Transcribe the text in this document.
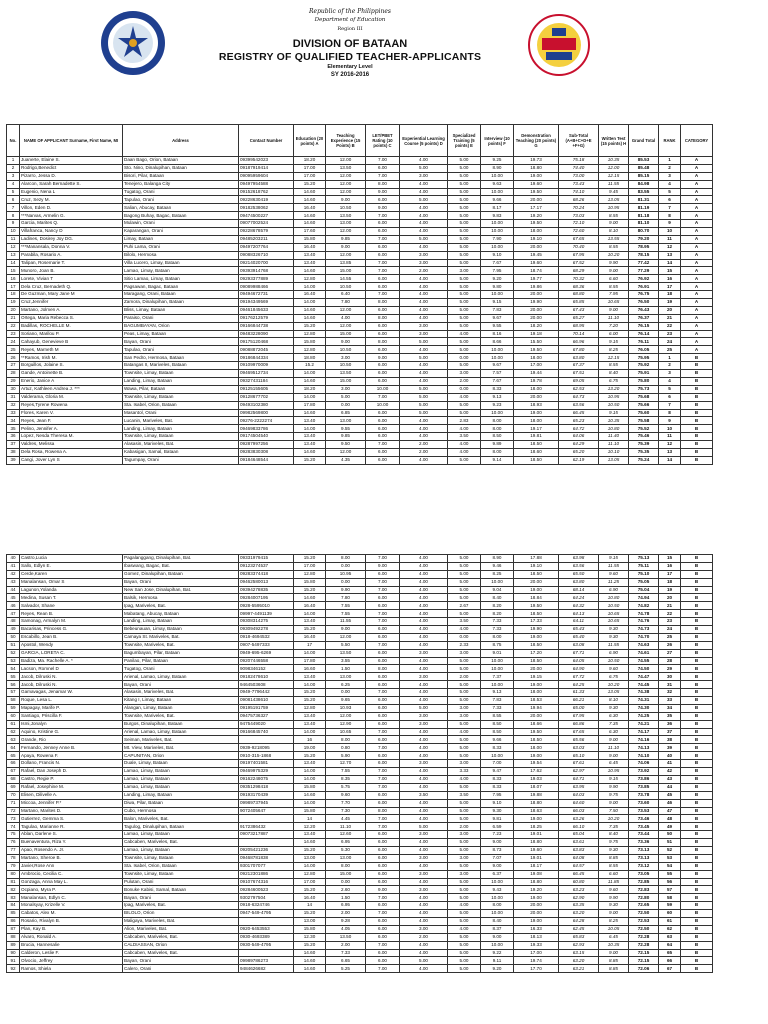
Republic of the Philippines
Department of Education
Region III
DIVISION OF BATAAN
REGISTRY OF QUALIFIED TEACHER-APPLICANTS
Elementary Level
SY 2016-2016
No.	NAME OF APPLICANT Surname, First Name, MI	Address	Contact Number	Education (20 points) A	Teaching Experience (15 Points) B	LET/PBET Rating (10 points) C	Experiential Learning Course (5 points) D	Specialized Training (5 points) E	Interview (10 points) F	Demonstration Teaching (20 points) G	Sub-Total (A+B+C+D+E +F+G)	Written Test (15 points) H	Grand Total	RANK	CATEGORY
1	Juanerte, Elaine S.	Daan Bago, Orion, Bataan	09399542023	18.20	12.00	7.00	4.00	5.00	9.25	19.73	75.18	10.35	85.53	1	A
2	Rodrigo,Benedict	Sto. Nino, Dinalupihan, Bataan	09187919414	17.00	13.50	6.00	5.00	5.00	8.90	18.80	74.40	12.00	85.48	2	A
3	Pizarro, Jessa D.	Bisori, Pilar, Bataan	09095959604	17.00	12.00	7.00	3.00	5.00	10.00	19.00	73.00	12.15	85.15	3	A
4	Alarcon, Sarah Bernadette S.	Tenejero, Balanga City	09497954588	15.20	12.00	8.00	4.00	5.00	9.63	19.60	73.43	11.55	84.98	4	A
5	Eugenio, Nena L	Tugatog, Orani	09152618762	14.60	12.00	9.00	4.00	5.00	10.00	19.50	74.10	9.45	83.55	5	A
6	Cruz, Sezy M.	Tapulao, Orani	09228630419	14.60	9.00	6.00	5.00	5.00	9.66	20.00	68.26	13.05	81.31	6	A
7	Villon, Eden D.	Salian, Abucay, Bataan	09182538062	16.40	10.50	9.00	4.00	5.00	8.17	17.17	70.24	10.95	81.19	7	A
8	***Narvas, Armelin G.	Bagong Buhay, Bagac, Bataan	09474500227	14.60	13.50	7.00	4.00	5.00	9.83	19.20	73.03	8.55	81.18	8	A
9	Garcia, Marites Q.	Mulawin, Orani	09077002524	14.60	13.00	6.00	4.00	5.00	10.00	19.50	72.10	9.00	81.10	9	A
10	Villafranca, Nancy D	Kaparangan, Orani	09228678579	17.60	12.00	6.00	4.00	5.00	10.00	18.00	72.60	8.10	80.70	10	A
11	Ladines, Dosirey Joy DG.	Limay, Bataan	09485203211	15.80	9.85	7.00	5.00	5.00	7.90	19.10	67.65	13.55	79.20	11	A
12	***Manansala, Donna V.	Puhi Lama, Orani	09497207764	16.40	9.00	6.00	4.00	5.00	10.00	20.00	70.40	8.55	78.95	12	A
13	Parabila, Rosario A.	Bilolo, Hermosa	09088326710	13.40	12.00	6.00	3.00	5.00	9.10	19.45	67.95	10.20	78.15	13	A
14	Talipan, Rosemarie T.	Villa Lucero, Limay, Bataan	09214020700	13.40	13.85	7.00	3.00	5.00	7.67	19.60	67.52	9.90	77.42	14	A
15	Munoro, Joan B.	Lamao, Limay, Bataan	09393914768	14.60	15.00	7.00	2.00	3.00	7.95	18.74	68.29	9.00	77.29	15	A
16	Lorete, Vivian T	Sitio Lamao, Limay, Bataan	09293377889	12.80	14.55	6.00	4.00	5.00	9.20	19.77	70.32	6.60	76.92	16	A
17	Dela Cruz, Bernadeth Q.	Pagsawan, Bagac, Bataan	09089988466	14.00	10.50	6.00	4.00	5.00	9.80	19.86	68.36	8.55	76.91	17	A
18	De Guzman, Mary Jane M	Maragang, Orani, Bataan	09494672731	16.40	6.40	7.00	4.00	5.00	10.00	20.00	68.80	7.95	76.75	18	A
19	Cruz,Jennifer	Zamora, Dinalupihan, Bataan	09194349569	14.00	7.80	8.00	4.00	5.00	9.15	19.90	65.85	10.65	76.50	19	A
20	Martano, Jolmen A.	Bliss, Limay, Bataan	09461845633	14.60	12.00	6.00	4.00	5.00	7.83	20.00	67.43	9.00	76.43	20	A
21	Ortega, Maria Rebecca S.	Paraiso, Orani	09176212579	14.60	4.00	8.00	4.00	5.00	9.67	20.00	65.27	11.10	76.37	21	A
22	Badillas, ROCHELLE M.	BAGUMBAYAN, Orion	09166844738	15.20	12.00	6.00	3.00	5.00	9.55	18.20	68.95	7.20	76.15	22	A
23	Soriano, Marilou P.	Peas, Limay, Bataan	09483228090	12.80	15.00	6.00	3.00	4.00	8.16	19.18	70.14	6.00	76.14	23	A
24	Cahayub, Genevieve B	Bayan, Orani	09175120468	15.80	9.00	8.00	5.00	5.00	8.66	15.50	66.96	9.15	76.11	24	A
25	Reyes, Marneth M	Tapulao, Orani	09088872045	12.80	10.50	6.00	4.00	5.00	10.00	19.50	67.80	8.25	76.05	25	A
26	**Ramos, Irish M.	San Pedro, Hermosa, Bataan	09186844334	18.80	3.00	9.00	5.00	0.00	10.00	18.00	63.80	12.15	75.95	1	B
27	Borguillos, Jolaine S.	Batangas II, Mariveles, Bataan	09109970009	15.2	10.50	6.00	4.00	5.00	9.67	17.00	67.37	8.55	75.92	2	B
28	Gande, Antoinette B.	Townsite, Limay, Bataan	09469512734	14.00	13.50	6.00	4.00	3.00	7.57	19.44	67.51	8.40	75.91	3	B
29	Enerio, Janice A	Landing, Limay, Bataan	09327431184	14.60	15.00	6.00	4.00	2.00	7.67	19.78	69.05	6.75	75.80	4	B
30	Artuz, Kathleen Andrea J. ***	Wawa, Pilar, Bataan	09125155605	18.20	3.00	10.00	5.00	0.00	8.33	18.00	62.53	13.20	75.73	5	B
31	Valderama, Gloria M.	Townsite, Limay, Bataan	09128677702	14.00	5.00	7.00	5.00	4.00	9.13	20.00	64.73	10.95	75.68	6	B
32	Reyes,Tyrene Rowena	Sta. Isabel, Orion, Bataan	09493102380	17.80	0.00	10.00	5.00	5.00	9.23	18.93	63.56	10.50	75.66	7	B
33	Flores, Karen V.	Masantol, Orani	09982569800	14.60	6.85	6.00	5.00	5.00	10.00	19.00	66.45	9.15	75.60	8	B
34	Reyes, Jean F.	Lucanin, Mariveles, Bat.	09276-2222274	13.40	13.00	6.00	4.00	2.83	8.00	18.00	65.23	10.35	75.58	9	B
35	Pelino, Jennifer A.	Landing, Limay, Bataan	09469833786	14.00	9.55	6.00	4.00	4.00	8.00	19.17	64.72	10.80	75.52	10	B
36	Lopez, Nesda Theresa M.	Townsite, Limay, Bataan	09174504540	13.40	9.85	6.00	4.00	3.50	8.50	19.81	64.06	11.40	75.46	11	B
37	Valdres, Melissa	Alasasin, Mariveles, Bat.	09287997256	13.40	9.50	7.00	2.00	4.00	9.89	18.50	64.29	11.10	75.39	12	B
38	Dela Rosa, Rowena A.	Kabasigan, Samal, Bataan	09283830308	14.60	12.00	6.00	2.00	4.00	8.00	18.60	65.20	10.10	75.35	13	B
39	Cangi, Jover Lyn S	Tagumpay, Orani	09184648544	15.20	4.35	6.00	4.00	5.00	9.14	18.50	62.19	13.05	75.24	14	B
40	Castro,Lucia	Pagalanggang, Dinalupihan, Bat.	09331979415	15.20	8.00	7.00	4.00	5.00	8.90	17.88	63.98	9.15	75.13	15	B
41	Sallo, Edlyn E.	Ibaswang, Bagac, Bat.	09123274537	17.00	0.00	9.00	4.00	5.00	9.46	19.10	63.56	11.55	75.11	16	B
42	Cerde,Karen	Gomez, Dinalupihan, Bataan	09283374418	12.80	10.95	6.00	4.00	5.00	8.25	18.50	65.50	9.60	75.10	17	B
43	Manalansan, Omar S	Bayan, Orani	09462580013	15.80	0.00	7.00	4.00	5.00	10.00	20.00	63.80	11.25	75.05	18	B
44	Lagunon,Yolanda	New San Jose, Dinalupihan, Bat.	09394278835	15.20	9.90	7.00	4.00	5.00	9.04	19.00	68.14	6.90	75.04	19	B
45	Medina, Susan T.	Balsik, Hermosa	09284007195	14.60	7.80	6.00	4.00	5.00	8.40	18.84	64.24	10.80	74.94	20	B
46	Salvador, Shane	Ipag, Mariveles, Bat.	0928-5595010	16.40	7.55	6.00	4.00	2.67	8.20	19.50	64.32	10.50	74.82	21	B
47	Reyes, Rean B.	Mabatang, Abucay, Bataan	09997-4491139	14.00	7.55	7.00	4.00	5.00	8.20	18.50	64.13	10.65	74.78	22	B
48	Samonag, Armalyn M.	Landing, Limay, Bataan	09308314275	13.40	11.55	7.00	4.00	3.50	7.33	17.33	64.11	10.65	74.76	23	B
49	Bacarisas, Princess G.	Bebeunauan, Limay, Bataan	09309492278	15.20	9.00	6.00	4.00	4.00	7.33	19.90	65.43	9.30	74.73	24	B
50	Escabillo, Jean B.	Camaya St. Mariveles, Bat.	0918-4694532	16.40	12.00	6.00	4.00	0.00	8.00	19.00	65.40	9.30	74.70	25	B
51	Apostol, Wendy	Townsite, Mariveles, Bat.	0907-5497333	17	5.50	7.00	4.00	2.33	8.75	18.50	63.08	11.55	74.63	26	B
52	GARCIA, LORETA C.	Bagumbayan, Pilar, Bataan	0949-695-6269	14.00	13.50	6.00	3.00	3.00	9.01	17.20	67.71	6.90	74.61	27	B
53	Badiza, Ma. Rachelle A. *	Panilao, Pilar, Bataan	09207446558	17.80	3.55	6.00	4.00	5.00	10.00	18.50	64.05	10.50	74.55	28	B
54	Lacson, Romnel D	Tugatog, Orani	9098346152	16.60	1.50	8.00	4.00	5.00	10.00	20.00	64.90	9.60	74.50	29	B
55	Jacob, Dilruski N.	Arienal, Lamao, Limay, Bataan	09182478610	13.40	13.00	6.00	3.00	2.00	7.37	19.15	67.72	6.75	74.47	30	B
56	Jacob, Dilruski N.	Bayan, Orani	9464503608	14.00	6.25	6.00	4.00	5.00	10.00	19.00	64.25	10.20	74.45	31	B
57	Gamavagas, Jenamar W.	Alasasin, Mariveles, Bat.	0949-7796442	15.20	0.00	7.00	4.00	5.00	9.13	18.00	61.33	13.05	74.38	32	B
58	Roque, Lesa L.	Kitang I, Limay, Bataan	09081438610	15.20	9.65	6.00	4.00	5.00	7.83	18.53	66.21	8.10	74.31	33	B
59	Mapagay, Marife P.	Alangan, Limay, Bataan	09195191759	12.80	10.93	6.00	5.00	3.00	7.33	19.94	65.00	9.30	74.30	34	B
60	Santiago, Priscilla F.	Townsite, Mariveles, Bat.	09475736327	13.40	12.00	6.00	3.00	3.00	8.55	20.00	67.95	6.30	74.25	35	B
61	Ismi,Jonalyn	Burgos, Dinalupihan, Bataan	9475449020	13.40	12.90	6.00	3.00	5.00	8.50	18.66	66.86	7.35	74.21	36	B
62	Aquino, Kristine G.	Arienal, Lamao, Limay, Bataan	09166845740	14.00	10.65	7.00	4.00	4.00	8.50	19.50	67.65	6.30	74.17	37	B
63	Grande, Rio	Seiman, Mariveles, Bat.		16	8.00	6.00	4.00	5.00	9.66	18.50	65.56	9.00	74.16	38	B
64	Fernando, Jenney Anne B.	Mt. View, Mariveles, Bat.	0939-9218095	19.00	0.80	7.00	4.00	5.00	8.33	18.00	63.03	11.10	74.13	39	B
65	Apaya, Rowena F.	CAPUNITAN, Orion	0910-315-1868	15.20	5.90	6.00	4.00	5.00	10.00	19.00	65.10	9.00	74.10	40	B
66	Dollano, Francis N.	Duale, Limay, Bataan	09197401581	13.40	12.70	6.00	3.00	3.00	7.00	19.54	67.61	6.45	74.06	41	B
67	Rafael, Dan Joseph D.	Lamao, Limay, Bataan	09469975329	14.00	7.55	7.00	4.00	3.33	9.47	17.62	62.97	10.95	73.92	42	B
68	Castro, Regie P.	Lamao, Limay, Bataan	09162248075	14.00	8.35	7.00	4.00	4.00	8.33	19.03	64.71	9.15	73.86	43	B
69	Rafael, Josephine M.	Lamao, Limay, Bataan	09351298418	15.80	5.75	7.00	4.00	5.00	8.33	18.07	63.95	9.90	73.85	44	B
70	Elisen, Dilivelle A.	Landing, Limay, Bataan	09193170439	14.60	9.60	6.00	3.50	3.50	7.95	19.88	64.03	9.75	73.78	45	B
71	Miccoa, Jennifer P.*	Diwa, Pilar, Bataan	09989737945	14.00	7.70	6.00	4.00	5.00	9.10	18.80	64.60	9.00	73.60	46	B
72	Martano, Marites D.	Cubo, Hermosa	9072405647	15.80	7.30	8.00	4.00	5.00	9.30	18.63	66.03	7.50	73.53	47	B
73	Gutierrez, Gemma S.	Balon, Mariveles, Bat.		14	4.45	7.00	4.00	5.00	9.81	19.00	63.26	10.20	73.46	48	B
74	Tagulao, Marianne R.	Tagulog, Dinalupihan, Bataan	9172386432	12.20	11.10	7.00	5.00	2.00	6.59	18.25	66.10	7.35	73.45	49	B
75	Ablan, Darlene S.	Lamao, Limay, Bataan	09073217887	13.40	12.60	6.00	3.00	3.00	7.23	19.01	65.04	8.40	73.44	50	B
76	Buenaventura, Riza Y.	Cabcaben, Mariveles, Bat.		14.60	6.95	6.00	4.00	5.00	9.00	18.80	63.61	9.75	73.36	51	B
77	Apao, Rosendo A. Jr.	Lamao, Limay, Bataan	09205421236	15.20	5.30	6.00	4.00	5.00	8.73	19.60	63.83	9.30	73.13	52	B
78	Martano, Sheroe B.	Townsite, Limay, Bataan	09468781838	13.00	13.00	6.00	3.00	3.00	7.07	19.01	64.08	8.85	73.13	53	B
79	Javier,Rose Ann	Sta. Isabel, Orion, Bataan	9301707077	14.00	8.00	6.00	4.00	5.00	9.00	18.17	64.57	8.55	73.12	54	B
80	Ambrocio, Cecilia C.	Townsite, Limay, Bataan	09212301886	12.80	15.00	6.00	3.00	3.00	6.37	19.08	66.45	6.60	73.05	55	B
81	Gonzaga, Anna May L.	Pulutan, Orani	09107674316	17.00	0.00	6.00	4.00	5.00	10.00	18.80	60.80	11.85	72.85	56	B
82	Ocpiano, Myra P.	Bonuke Kabisi, Samal, Bataan	09284600523	15.20	2.60	9.00	3.00	5.00	9.43	19.20	63.23	9.60	72.83	57	B
83	Manalansan, Edlyn C.	Bayan, Orani	9302797504	16.40	1.50	7.00	4.00	5.00	10.00	19.00	62.90	9.90	72.80	58	B
84	Monalsyay, Krizelle V.	Ipag, Mariveles, Bat.	0918-6324746	14	6.95	6.00	4.00	4.00	8.00	20.00	63.35	9.30	72.65	59	B
85	Cabatos, Alex M.	BILOLO, Orion	0947-549-4795	15.20	2.00	7.00	4.00	5.00	10.00	20.00	63.20	9.00	72.50	60	B
86	Rosario, Rivalyn B.	Maligaya, Mariveles, Bat.		13.00	9.28	6.00	4.00	5.00	8.40	19.00	64.28	8.25	72.53	61	B
87	Plan, Kay B.	Alion, Mariveles, Bat.	0920-6453553	15.80	4.05	6.00	3.00	4.00	8.37	16.33	62.45	10.05	72.50	62	B
88	Alvaro, Ronald A.	Cabcaben, Mariveles, Bat.	0930-4693389	12.30	13.50	6.00	2.00	5.00	9.00	18.13	65.83	6.45	72.28	63	B
89	Brucia, Hannesalie	CALDIASSAN, Orion	0930-549-4795	15.20	2.00	7.00	4.00	5.00	10.00	19.33	62.93	10.35	72.28	64	B
90	Calderon, Leslie F.	Cabcaben, Mariveles, Bat.		14.60	7.33	6.00	4.00	5.00	9.22	17.00	63.15	9.00	72.15	65	B
91	Olvocio, Jeffrey	Bayan, Orani	09989786273	14.60	6.65	6.00	5.00	5.00	9.11	19.74	63.20	8.85	72.15	66	B
92	Ramos, Shiela	Calero, Orani	9484626682	14.60	5.25	7.00	4.00	5.00	9.20	17.70	63.21	8.85	72.06	67	B
